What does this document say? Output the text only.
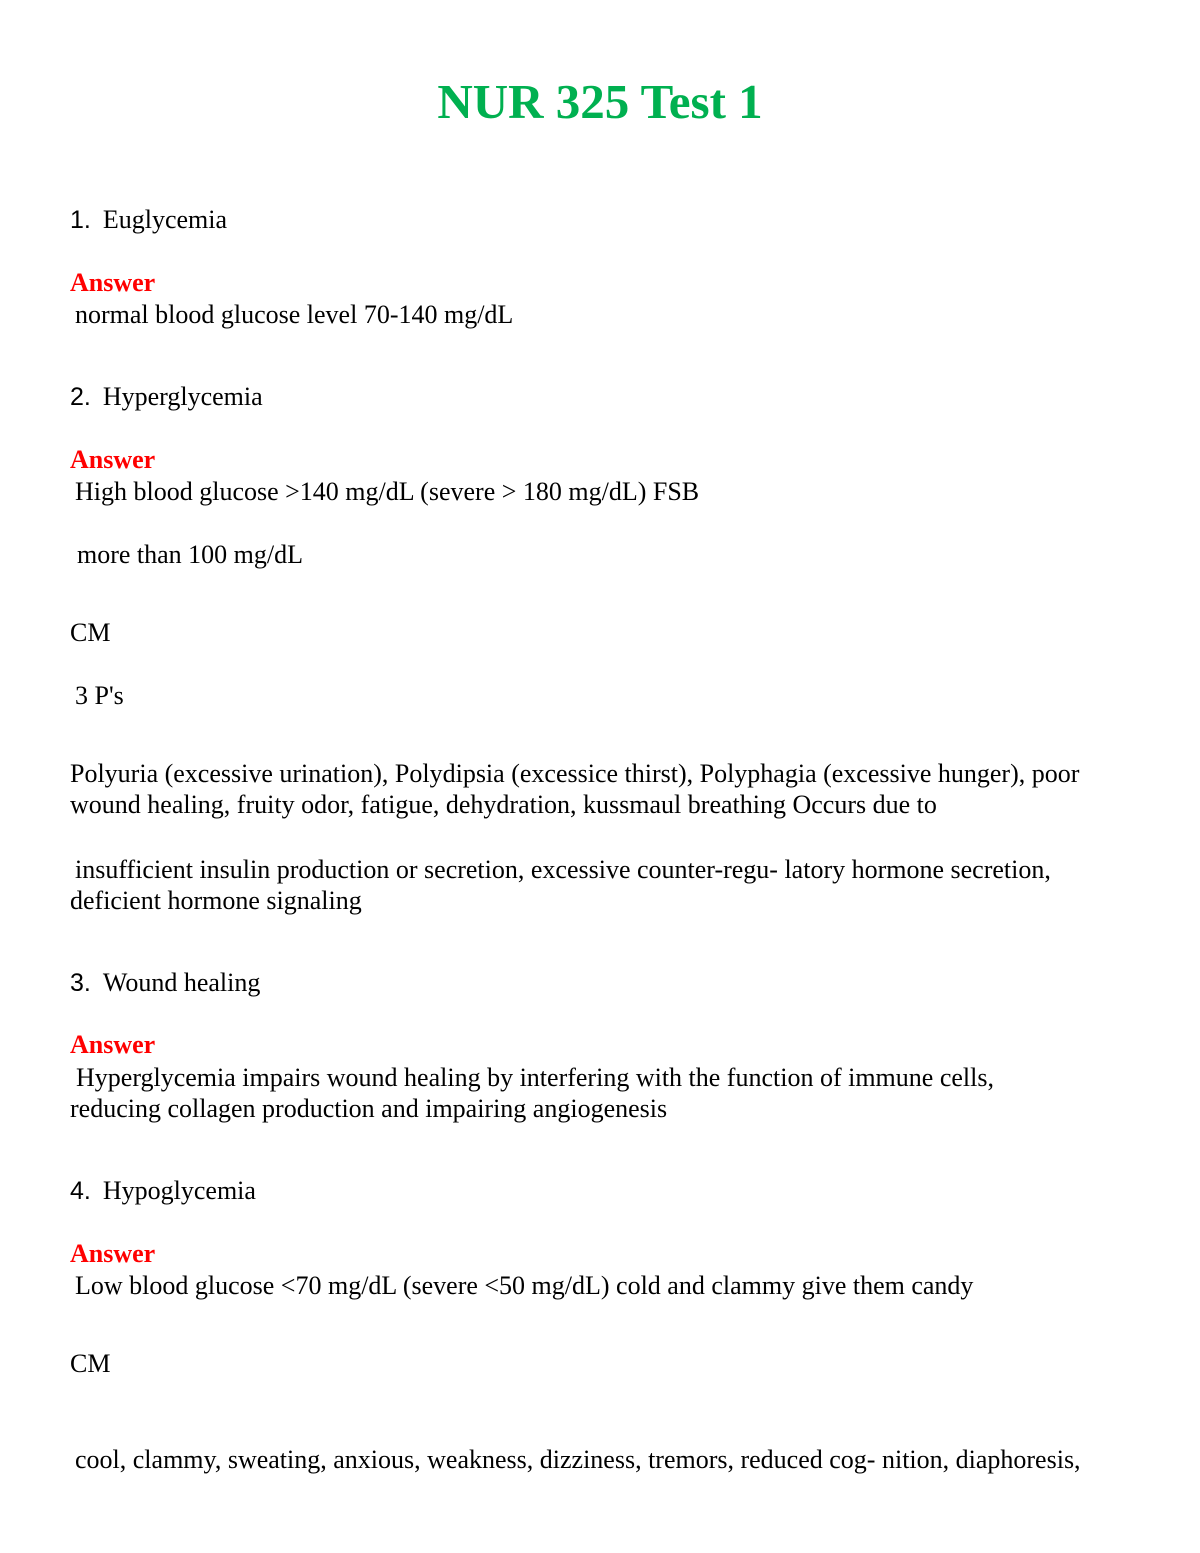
NUR 325 Test 1
1. Euglycemia
Answer
normal blood glucose level 70-140 mg/dL
2. Hyperglycemia
Answer
High blood glucose >140 mg/dL (severe > 180 mg/dL) FSB
more than 100 mg/dL
CM
3 P's
Polyuria (excessive urination), Polydipsia (excessice thirst), Polyphagia (excessive hunger), poor wound healing, fruity odor, fatigue, dehydration, kussmaul breathing Occurs due to
insufficient insulin production or secretion, excessive counter-regu- latory hormone secretion, deficient hormone signaling
3. Wound healing
Answer
Hyperglycemia impairs wound healing by interfering with the function of immune cells, reducing collagen production and impairing angiogenesis
4. Hypoglycemia
Answer
Low blood glucose <70 mg/dL (severe <50 mg/dL) cold and clammy give them candy
CM
cool, clammy, sweating, anxious, weakness, dizziness, tremors, reduced cog- nition, diaphoresis,
